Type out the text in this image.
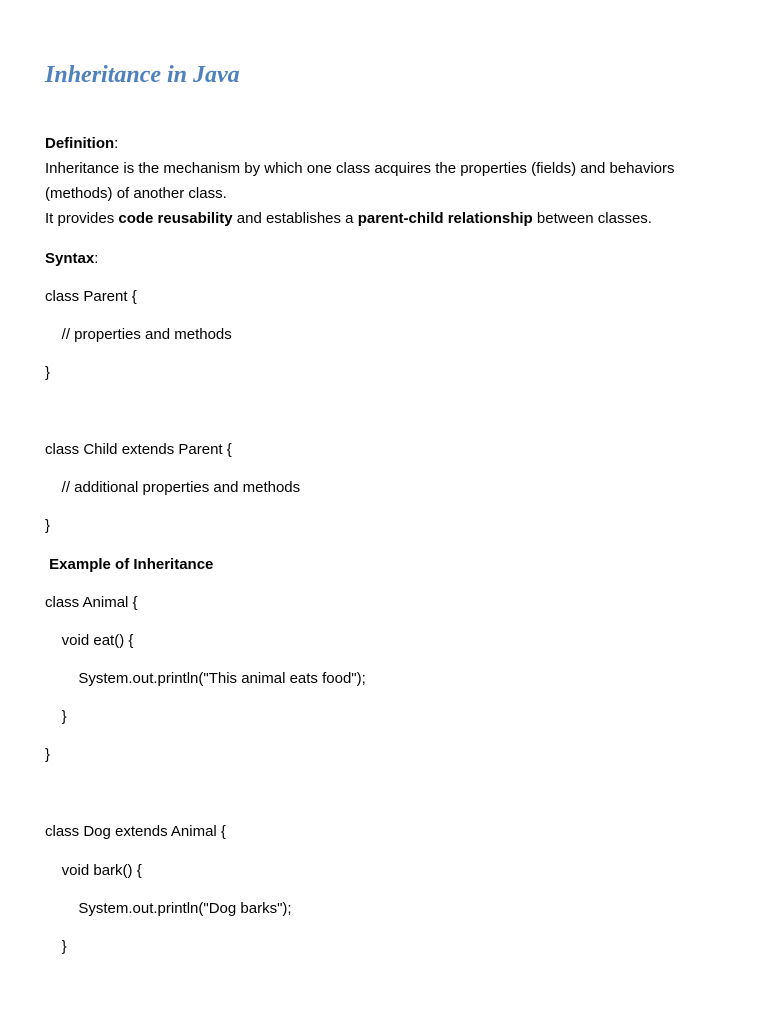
Inheritance in Java
Definition:
Inheritance is the mechanism by which one class acquires the properties (fields) and behaviors
(methods) of another class.
It provides code reusability and establishes a parent-child relationship between classes.
Syntax:
class Parent {
// properties and methods
}
class Child extends Parent {
// additional properties and methods
}
Example of Inheritance
class Animal {
void eat() {
System.out.println("This animal eats food");
}
}
class Dog extends Animal {
void bark() {
System.out.println("Dog barks");
}
